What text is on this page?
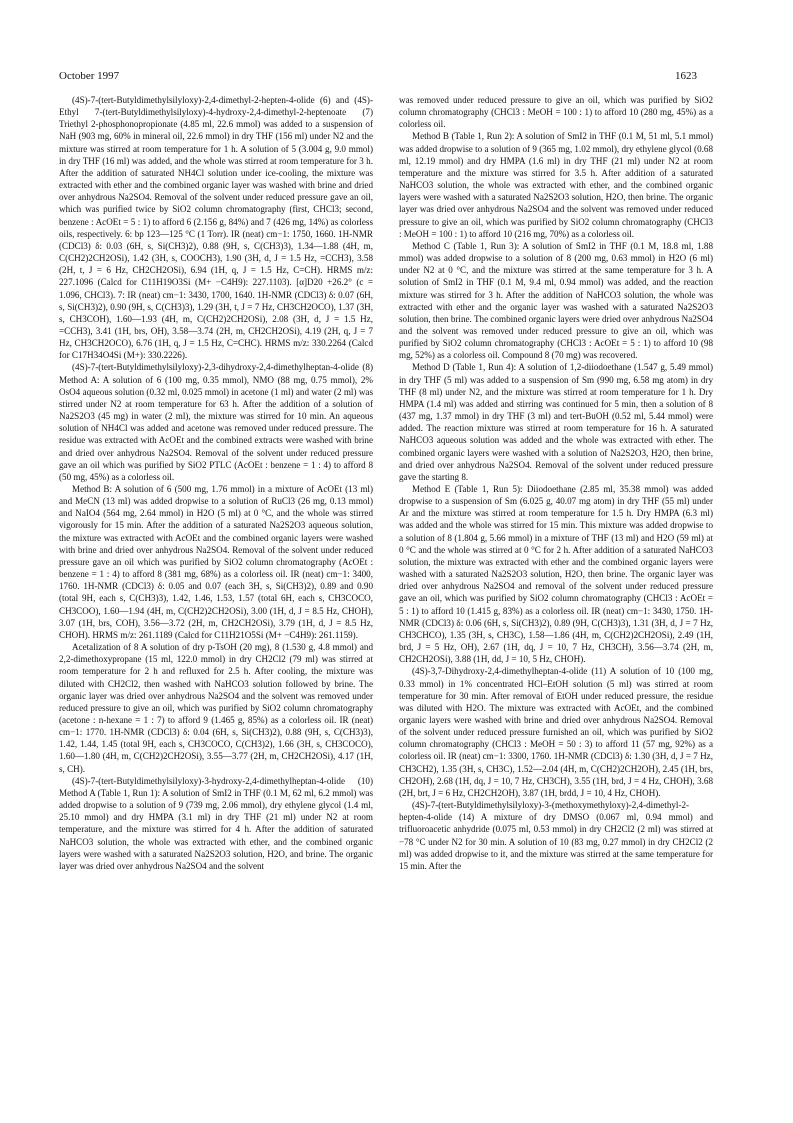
October 1997	1623

(4S)-7-(tert-Butyldimethylsilyloxy)-2,4-dimethyl-2-hepten-4-olide (6) and (4S)-Ethyl 7-(tert-Butyldimethylsilyloxy)-4-hydroxy-2,4-dimethyl-2-heptenoate (7) Triethyl 2-phosphonopropionate (4.85 ml, 22.6 mmol) was added to a suspension of NaH (903 mg, 60% in mineral oil, 22.6 mmol) in dry THF (156 ml) under N2 and the mixture was stirred at room temperature for 1 h. A solution of 5 (3.004 g, 9.0 mmol) in dry THF (16 ml) was added, and the whole was stirred at room temperature for 3 h. After the addition of saturated NH4Cl solution under ice-cooling, the mixture was extracted with ether and the combined organic layer was washed with brine and dried over anhydrous Na2SO4. Removal of the solvent under reduced pressure gave an oil, which was purified twice by SiO2 column chromatography (first, CHCl3; second, benzene : AcOEt = 5 : 1) to afford 6 (2.156 g, 84%) and 7 (426 mg, 14%) as colorless oils, respectively. 6: bp 123—125 °C (1 Torr). IR (neat) cm−1: 1750, 1660. 1H-NMR (CDCl3) δ: 0.03 (6H, s, Si(CH3)2), 0.88 (9H, s, C(CH3)3), 1.34—1.88 (4H, m, C(CH2)2CH2OSi), 1.42 (3H, s, COOCH3), 1.90 (3H, d, J = 1.5 Hz, =CCH3), 3.58 (2H, t, J = 6 Hz, CH2CH2OSi), 6.94 (1H, q, J = 1.5 Hz, C=CH). HRMS m/z: 227.1096 (Calcd for C11H19O3Si (M+ −C4H9): 227.1103). [α]D20 +26.2° (c = 1.096, CHCl3). 7: IR (neat) cm−1: 3430, 1700, 1640. 1H-NMR (CDCl3) δ: 0.07 (6H, s, Si(CH3)2), 0.90 (9H, s, C(CH3)3), 1.29 (3H, t, J = 7 Hz, CH3CH2OCO), 1.37 (3H, s, CH3COH), 1.60—1.93 (4H, m, C(CH2)2CH2OSi), 2.08 (3H, d, J = 1.5 Hz, =CCH3), 3.41 (1H, brs, OH), 3.58—3.74 (2H, m, CH2CH2OSi), 4.19 (2H, q, J = 7 Hz, CH3CH2OCO), 6.76 (1H, q, J = 1.5 Hz, C=CHC). HRMS m/z: 330.2264 (Calcd for C17H34O4Si (M+): 330.2226).

(4S)-7-(tert-Butyldimethylsilyloxy)-2,3-dihydroxy-2,4-dimethylheptan-4-olide (8) Method A: A solution of 6 (100 mg, 0.35 mmol), NMO (88 mg, 0.75 mmol), 2% OsO4 aqueous solution (0.32 ml, 0.025 mmol) in acetone (1 ml) and water (2 ml) was stirred under N2 at room temperature for 63 h. After the addition of a solution of Na2S2O3 (45 mg) in water (2 ml), the mixture was stirred for 10 min. An aqueous solution of NH4Cl was added and acetone was removed under reduced pressure. The residue was extracted with AcOEt and the combined extracts were washed with brine and dried over anhydrous Na2SO4. Removal of the solvent under reduced pressure gave an oil which was purified by SiO2 PTLC (AcOEt : benzene = 1 : 4) to afford 8 (50 mg, 45%) as a colorless oil.

Method B: A solution of 6 (500 mg, 1.76 mmol) in a mixture of AcOEt (13 ml) and MeCN (13 ml) was added dropwise to a solution of RuCl3 (26 mg, 0.13 mmol) and NaIO4 (564 mg, 2.64 mmol) in H2O (5 ml) at 0 °C, and the whole was stirred vigorously for 15 min. After the addition of a saturated Na2S2O3 aqueous solution, the mixture was extracted with AcOEt and the combined organic layers were washed with brine and dried over anhydrous Na2SO4. Removal of the solvent under reduced pressure gave an oil which was purified by SiO2 column chromatography (AcOEt : benzene = 1 : 4) to afford 8 (381 mg, 68%) as a colorless oil. IR (neat) cm−1: 3400, 1760. 1H-NMR (CDCl3) δ: 0.05 and 0.07 (each 3H, s, Si(CH3)2), 0.89 and 0.90 (total 9H, each s, C(CH3)3), 1.42, 1.46, 1.53, 1.57 (total 6H, each s, CH3COCO, CH3COO), 1.60—1.94 (4H, m, C(CH2)2CH2OSi), 3.00 (1H, d, J = 8.5 Hz, CHOH), 3.07 (1H, brs, COH), 3.56—3.72 (2H, m, CH2CH2OSi), 3.79 (1H, d, J = 8.5 Hz, CHOH). HRMS m/z: 261.1189 (Calcd for C11H21O5Si (M+ −C4H9): 261.1159).

Acetalization of 8 A solution of dry p-TsOH (20 mg), 8 (1.530 g, 4.8 mmol) and 2,2-dimethoxypropane (15 ml, 122.0 mmol) in dry CH2Cl2 (79 ml) was stirred at room temperature for 2 h and refluxed for 2.5 h. After cooling, the mixture was diluted with CH2Cl2, then washed with NaHCO3 solution followed by brine. The organic layer was dried over anhydrous Na2SO4 and the solvent was removed under reduced pressure to give an oil, which was purified by SiO2 column chromatography (acetone : n-hexane = 1 : 7) to afford 9 (1.465 g, 85%) as a colorless oil. IR (neat) cm−1: 1770. 1H-NMR (CDCl3) δ: 0.04 (6H, s, Si(CH3)2), 0.88 (9H, s, C(CH3)3), 1.42, 1.44, 1.45 (total 9H, each s, CH3COCO, C(CH3)2), 1.66 (3H, s, CH3COCO), 1.60—1.80 (4H, m, C(CH2)2CH2OSi), 3.55—3.77 (2H, m, CH2CH2OSi), 4.17 (1H, s, CH).

(4S)-7-(tert-Butyldimethylsilyloxy)-3-hydroxy-2,4-dimethylheptan-4-olide (10) Method A (Table 1, Run 1): A solution of SmI2 in THF (0.1 M, 62 ml, 6.2 mmol) was added dropwise to a solution of 9 (739 mg, 2.06 mmol), dry ethylene glycol (1.4 ml, 25.10 mmol) and dry HMPA (3.1 ml) in dry THF (21 ml) under N2 at room temperature, and the mixture was stirred for 4 h. After the addition of saturated NaHCO3 solution, the whole was extracted with ether, and the combined organic layers were washed with a saturated Na2S2O3 solution, H2O, and brine. The organic layer was dried over anhydrous Na2SO4 and the solvent

was removed under reduced pressure to give an oil, which was purified by SiO2 column chromatography (CHCl3 : MeOH = 100 : 1) to afford 10 (280 mg, 45%) as a colorless oil.

Method B (Table 1, Run 2): A solution of SmI2 in THF (0.1 M, 51 ml, 5.1 mmol) was added dropwise to a solution of 9 (365 mg, 1.02 mmol), dry ethylene glycol (0.68 ml, 12.19 mmol) and dry HMPA (1.6 ml) in dry THF (21 ml) under N2 at room temperature and the mixture was stirred for 3.5 h. After addition of a saturated NaHCO3 solution, the whole was extracted with ether, and the combined organic layers were washed with a saturated Na2S2O3 solution, H2O, then brine. The organic layer was dried over anhydrous Na2SO4 and the solvent was removed under reduced pressure to give an oil, which was purified by SiO2 column chromatography (CHCl3 : MeOH = 100 : 1) to afford 10 (216 mg, 70%) as a colorless oil.

Method C (Table 1, Run 3): A solution of SmI2 in THF (0.1 M, 18.8 ml, 1.88 mmol) was added dropwise to a solution of 8 (200 mg, 0.63 mmol) in H2O (6 ml) under N2 at 0 °C, and the mixture was stirred at the same temperature for 3 h. A solution of SmI2 in THF (0.1 M, 9.4 ml, 0.94 mmol) was added, and the reaction mixture was stirred for 3 h. After the addition of NaHCO3 solution, the whole was extracted with ether and the organic layer was washed with a saturated Na2S2O3 solution, then brine. The combined organic layers were dried over anhydrous Na2SO4 and the solvent was removed under reduced pressure to give an oil, which was purified by SiO2 column chromatography (CHCl3 : AcOEt = 5 : 1) to afford 10 (98 mg, 52%) as a colorless oil. Compound 8 (70 mg) was recovered.

Method D (Table 1, Run 4): A solution of 1,2-diiodoethane (1.547 g, 5.49 mmol) in dry THF (5 ml) was added to a suspension of Sm (990 mg, 6.58 mg atom) in dry THF (8 ml) under N2, and the mixture was stirred at room temperature for 1 h. Dry HMPA (1.4 ml) was added and stirring was continued for 5 min, then a solution of 8 (437 mg, 1.37 mmol) in dry THF (3 ml) and tert-BuOH (0.52 ml, 5.44 mmol) were added. The reaction mixture was stirred at room temperature for 16 h. A saturated NaHCO3 aqueous solution was added and the whole was extracted with ether. The combined organic layers were washed with a solution of Na2S2O3, H2O, then brine, and dried over anhydrous Na2SO4. Removal of the solvent under reduced pressure gave the starting 8.

Method E (Table 1, Run 5): Diiodoethane (2.85 ml, 35.38 mmol) was added dropwise to a suspension of Sm (6.025 g, 40.07 mg atom) in dry THF (55 ml) under Ar and the mixture was stirred at room temperature for 1.5 h. Dry HMPA (6.3 ml) was added and the whole was stirred for 15 min. This mixture was added dropwise to a solution of 8 (1.804 g, 5.66 mmol) in a mixture of THF (13 ml) and H2O (59 ml) at 0 °C and the whole was stirred at 0 °C for 2 h. After addition of a saturated NaHCO3 solution, the mixture was extracted with ether and the combined organic layers were washed with a saturated Na2S2O3 solution, H2O, then brine. The organic layer was dried over anhydrous Na2SO4 and removal of the solvent under reduced pressure gave an oil, which was purified by SiO2 column chromatography (CHCl3 : AcOEt = 5 : 1) to afford 10 (1.415 g, 83%) as a colorless oil. IR (neat) cm−1: 3430, 1750. 1H-NMR (CDCl3) δ: 0.06 (6H, s, Si(CH3)2), 0.89 (9H, C(CH3)3), 1.31 (3H, d, J = 7 Hz, CH3CHCO), 1.35 (3H, s, CH3C), 1.58—1.86 (4H, m, C(CH2)2CH2OSi), 2.49 (1H, brd, J = 5 Hz, OH), 2.67 (1H, dq, J = 10, 7 Hz, CH3CH), 3.56—3.74 (2H, m, CH2CH2OSi), 3.88 (1H, dd, J = 10, 5 Hz, CHOH).

(4S)-3,7-Dihydroxy-2,4-dimethylheptan-4-olide (11) A solution of 10 (100 mg, 0.33 mmol) in 1% concentrated HCl–EtOH solution (5 ml) was stirred at room temperature for 30 min. After removal of EtOH under reduced pressure, the residue was diluted with H2O. The mixture was extracted with AcOEt, and the combined organic layers were washed with brine and dried over anhydrous Na2SO4. Removal of the solvent under reduced pressure furnished an oil, which was purified by SiO2 column chromatography (CHCl3 : MeOH = 50 : 3) to afford 11 (57 mg, 92%) as a colorless oil. IR (neat) cm−1: 3300, 1760. 1H-NMR (CDCl3) δ: 1.30 (3H, d, J = 7 Hz, CH3CH2), 1.35 (3H, s, CH3C), 1.52—2.04 (4H, m, C(CH2)2CH2OH), 2.45 (1H, brs, CH2OH), 2.68 (1H, dq, J = 10, 7 Hz, CH3CH), 3.55 (1H, brd, J = 4 Hz, CHOH), 3.68 (2H, brt, J = 6 Hz, CH2CH2OH), 3.87 (1H, brdd, J = 10, 4 Hz, CHOH).

(4S)-7-(tert-Butyldimethylsilyloxy)-3-(methoxymethyloxy)-2,4-dimethyl-2-hepten-4-olide (14) A mixture of dry DMSO (0.067 ml, 0.94 mmol) and trifluoroacetic anhydride (0.075 ml, 0.53 mmol) in dry CH2Cl2 (2 ml) was stirred at −78 °C under N2 for 30 min. A solution of 10 (83 mg, 0.27 mmol) in dry CH2Cl2 (2 ml) was added dropwise to it, and the mixture was stirred at the same temperature for 15 min. After the
